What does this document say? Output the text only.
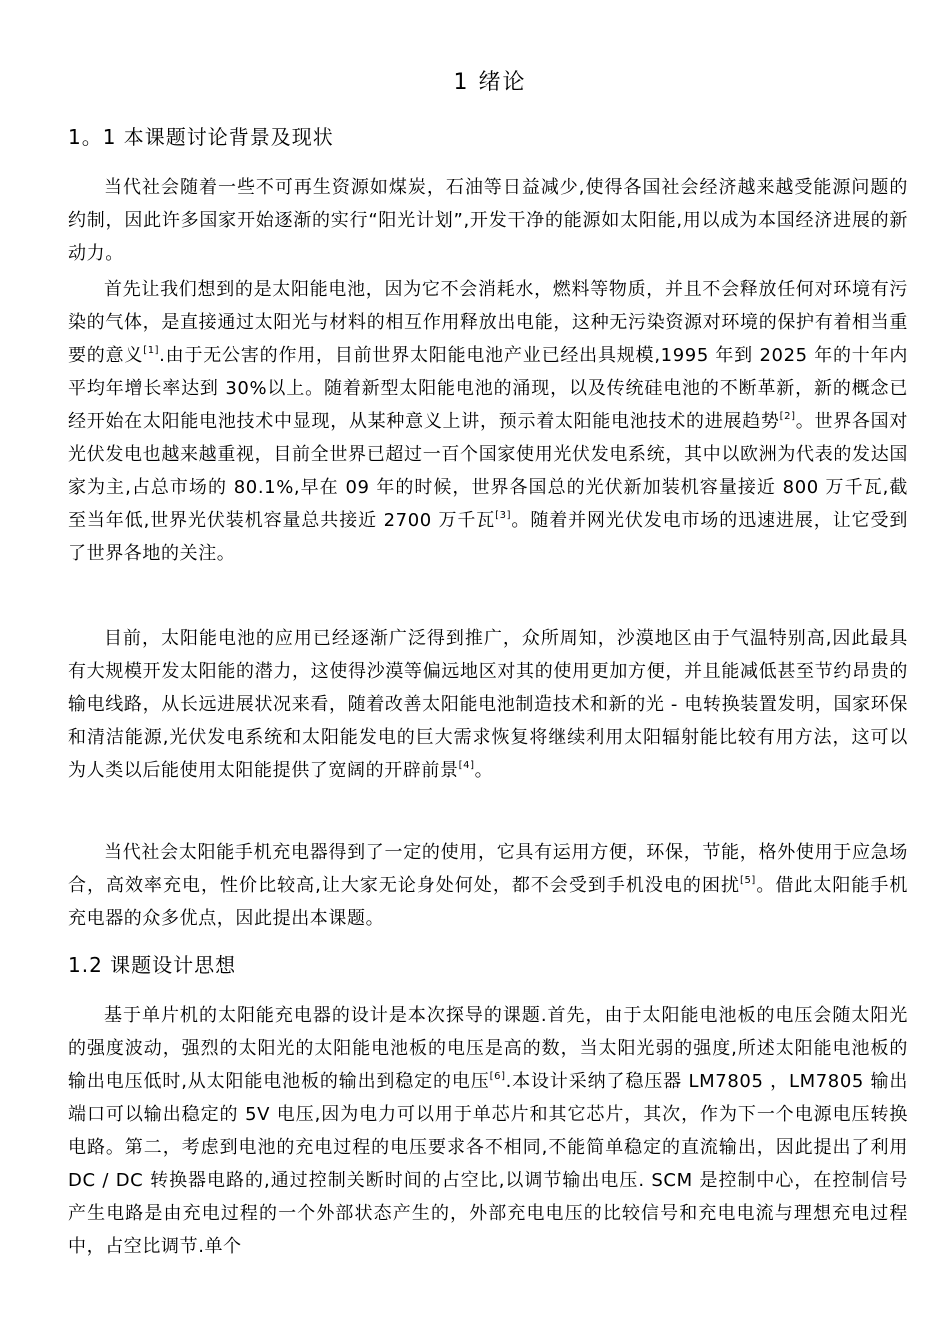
1 绪论
1。1 本课题讨论背景及现状

当代社会随着一些不可再生资源如煤炭，石油等日益减少,使得各国社会经济越来越受能源问题的约制，因此许多国家开始逐渐的实行“阳光计划”,开发干净的能源如太阳能,用以成为本国经济进展的新动力。

首先让我们想到的是太阳能电池，因为它不会消耗水，燃料等物质，并且不会释放任何对环境有污染的气体，是直接通过太阳光与材料的相互作用释放出电能，这种无污染资源对环境的保护有着相当重要的意义[1].由于无公害的作用，目前世界太阳能电池产业已经出具规模,1995 年到 2025 年的十年内平均年增长率达到 30%以上。随着新型太阳能电池的涌现，以及传统硅电池的不断革新，新的概念已经开始在太阳能电池技术中显现，从某种意义上讲，预示着太阳能电池技术的进展趋势[2]。世界各国对光伏发电也越来越重视，目前全世界已超过一百个国家使用光伏发电系统，其中以欧洲为代表的发达国家为主,占总市场的 80.1%,早在 09 年的时候，世界各国总的光伏新加装机容量接近 800 万千瓦,截至当年低,世界光伏装机容量总共接近 2700 万千瓦[3]。随着并网光伏发电市场的迅速进展，让它受到了世界各地的关注。

目前，太阳能电池的应用已经逐渐广泛得到推广，众所周知，沙漠地区由于气温特别高,因此最具有大规模开发太阳能的潜力，这使得沙漠等偏远地区对其的使用更加方便，并且能减低甚至节约昂贵的输电线路，从长远进展状况来看，随着改善太阳能电池制造技术和新的光 - 电转换装置发明，国家环保和清洁能源,光伏发电系统和太阳能发电的巨大需求恢复将继续利用太阳辐射能比较有用方法，这可以为人类以后能使用太阳能提供了宽阔的开辟前景[4]。

当代社会太阳能手机充电器得到了一定的使用，它具有运用方便，环保，节能，格外使用于应急场合，高效率充电，性价比较高,让大家无论身处何处，都不会受到手机没电的困扰[5]。借此太阳能手机充电器的众多优点，因此提出本课题。

1.2 课题设计思想

基于单片机的太阳能充电器的设计是本次探导的课题.首先，由于太阳能电池板的电压会随太阳光的强度波动，强烈的太阳光的太阳能电池板的电压是高的数，当太阳光弱的强度,所述太阳能电池板的输出电压低时,从太阳能电池板的输出到稳定的电压[6].本设计采纳了稳压器 LM7805 ，LM7805 输出端口可以输出稳定的 5V 电压,因为电力可以用于单芯片和其它芯片，其次，作为下一个电源电压转换电路。第二，考虑到电池的充电过程的电压要求各不相同,不能简单稳定的直流输出，因此提出了利用 DC / DC 转换器电路的,通过控制关断时间的占空比,以调节输出电压. SCM 是控制中心，在控制信号产生电路是由充电过程的一个外部状态产生的，外部充电电压的比较信号和充电电流与理想充电过程中，占空比调节.单个
